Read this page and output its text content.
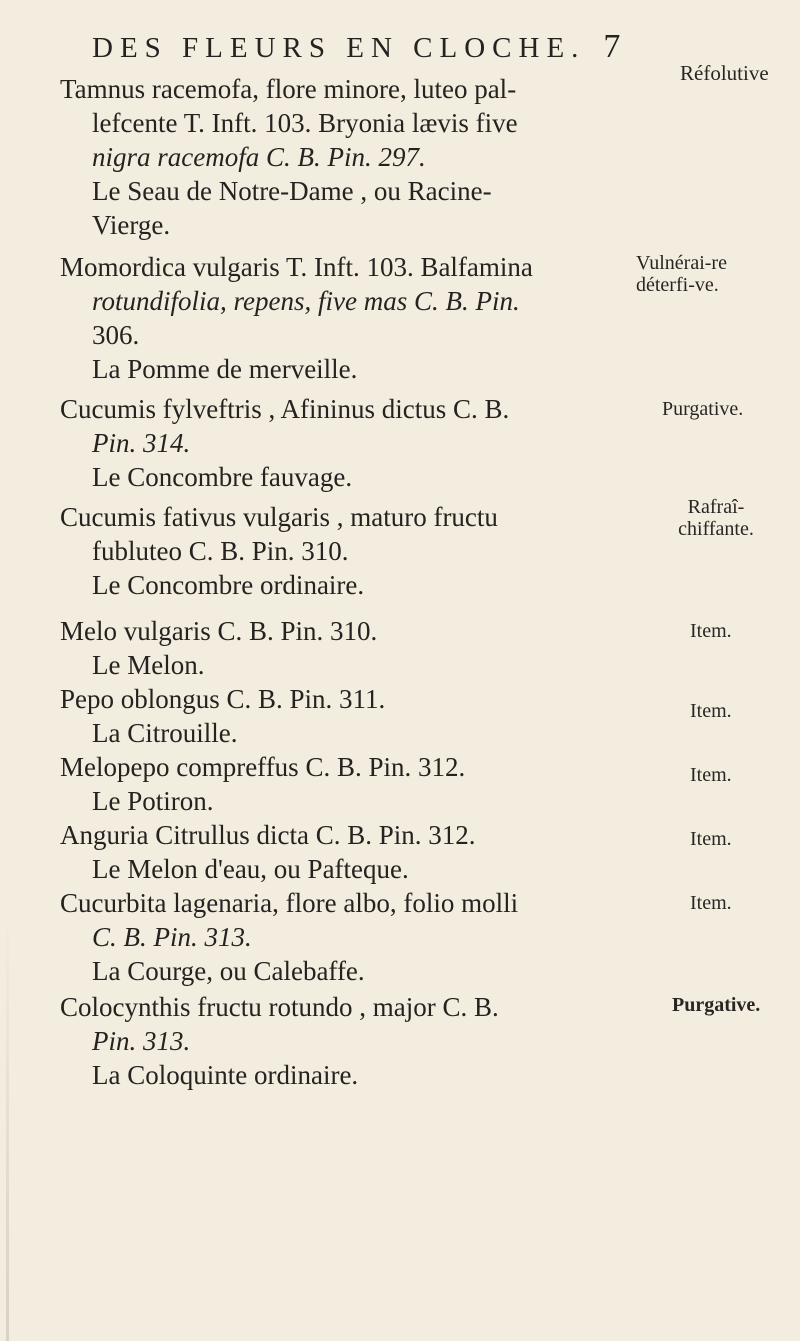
DES FLEURS EN CLOCHE. 7
Tamnus racemofa, flore minore, luteo pal-
lefcente T. Inft. 103. Bryonia lævis five
nigra racemofa C. B. Pin. 297.
Le Seau de Notre-Dame , ou Racine-
Vierge.
Réfolutive
Momordica vulgaris T. Inft. 103. Balfamina
rotundifolia, repens, five mas C. B. Pin.
306.
La Pomme de merveille.
Vulnérai-re déterfi-ve.
Cucumis fylveftris , Afininus dictus C. B.
Pin. 314.
Le Concombre fauvage.
Purgative.
Cucumis fativus vulgaris , maturo fructu
fubluteo C. B. Pin. 310.
Le Concombre ordinaire.
Rafraî-chiffante.
Melo vulgaris C. B. Pin. 310.
Le Melon.
Item.
Pepo oblongus C. B. Pin. 311.
La Citrouille.
Item.
Melopepo compreffus C. B. Pin. 312.
Le Potiron.
Item.
Anguria Citrullus dicta C. B. Pin. 312.
Le Melon d'eau, ou Pafteque.
Item.
Cucurbita lagenaria, flore albo, folio molli
C. B. Pin. 313.
La Courge, ou Calebaffe.
Item.
Colocynthis fructu rotundo , major C. B.
Pin. 313.
La Coloquinte ordinaire.
Purgative.
